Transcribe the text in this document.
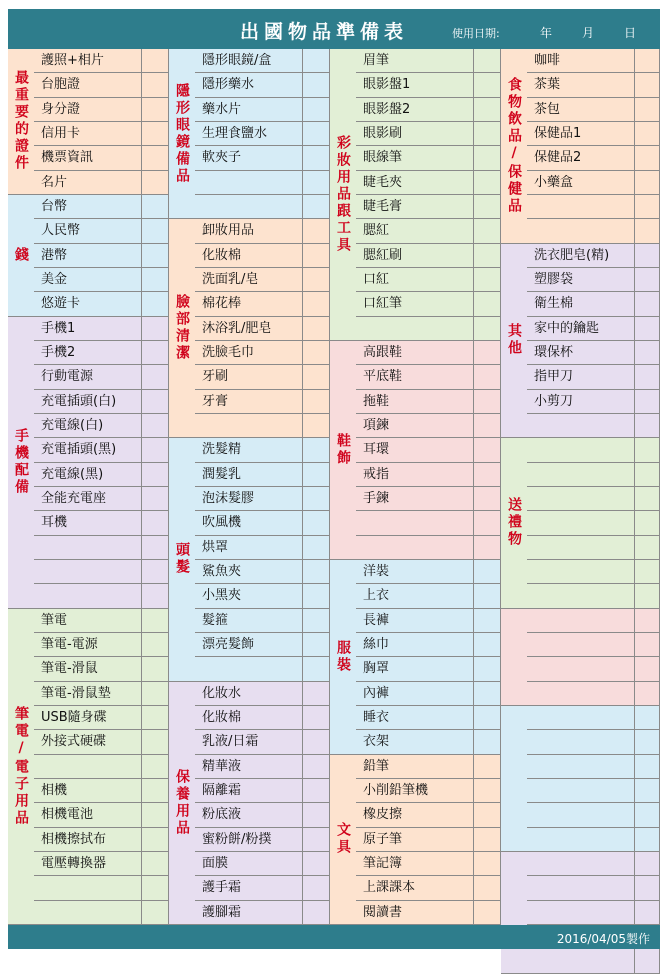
出國物品準備表	使用日期:	年 月 日
最重要的證件
護照+相片
台胞證
身分證
信用卡
機票資訊
名片
錢
台幣
人民幣
港幣
美金
悠遊卡
手機配備
手機1
手機2
行動電源
充電插頭(白)
充電線(白)
充電插頭(黑)
充電線(黑)
全能充電座
耳機
筆電/電子用品
筆電
筆電-電源
筆電-滑鼠
筆電-滑鼠墊
USB隨身碟
外接式硬碟
相機
相機電池
相機擦拭布
電壓轉換器
隱形眼鏡備品
隱形眼鏡/盒
隱形藥水
藥水片
生理食鹽水
軟夾子
臉部清潔
卸妝用品
化妝棉
洗面乳/皂
棉花棒
沐浴乳/肥皂
洗臉毛巾
牙刷
牙膏
頭髮
洗髮精
潤髮乳
泡沫髮膠
吹風機
烘罩
鯊魚夾
小黑夾
髮箍
漂亮髮飾
保養用品
化妝水
化妝棉
乳液/日霜
精華液
隔離霜
粉底液
蜜粉餅/粉撲
面膜
護手霜
護腳霜
彩妝用品跟工具
眉筆
眼影盤1
眼影盤2
眼影刷
眼線筆
睫毛夾
睫毛膏
腮紅
腮紅刷
口紅
口紅筆
鞋飾
高跟鞋
平底鞋
拖鞋
項鍊
耳環
戒指
手鍊
服裝
洋裝
上衣
長褲
絲巾
胸罩
內褲
睡衣
衣架
文具
鉛筆
小削鉛筆機
橡皮擦
原子筆
筆記簿
上課課本
閱讀書
食物飲品/保健品
咖啡
茶葉
茶包
保健品1
保健品2
小藥盒
其他
洗衣肥皂(精)
塑膠袋
衛生棉
家中的鑰匙
環保杯
指甲刀
小剪刀
送禮物
2016/04/05製作
